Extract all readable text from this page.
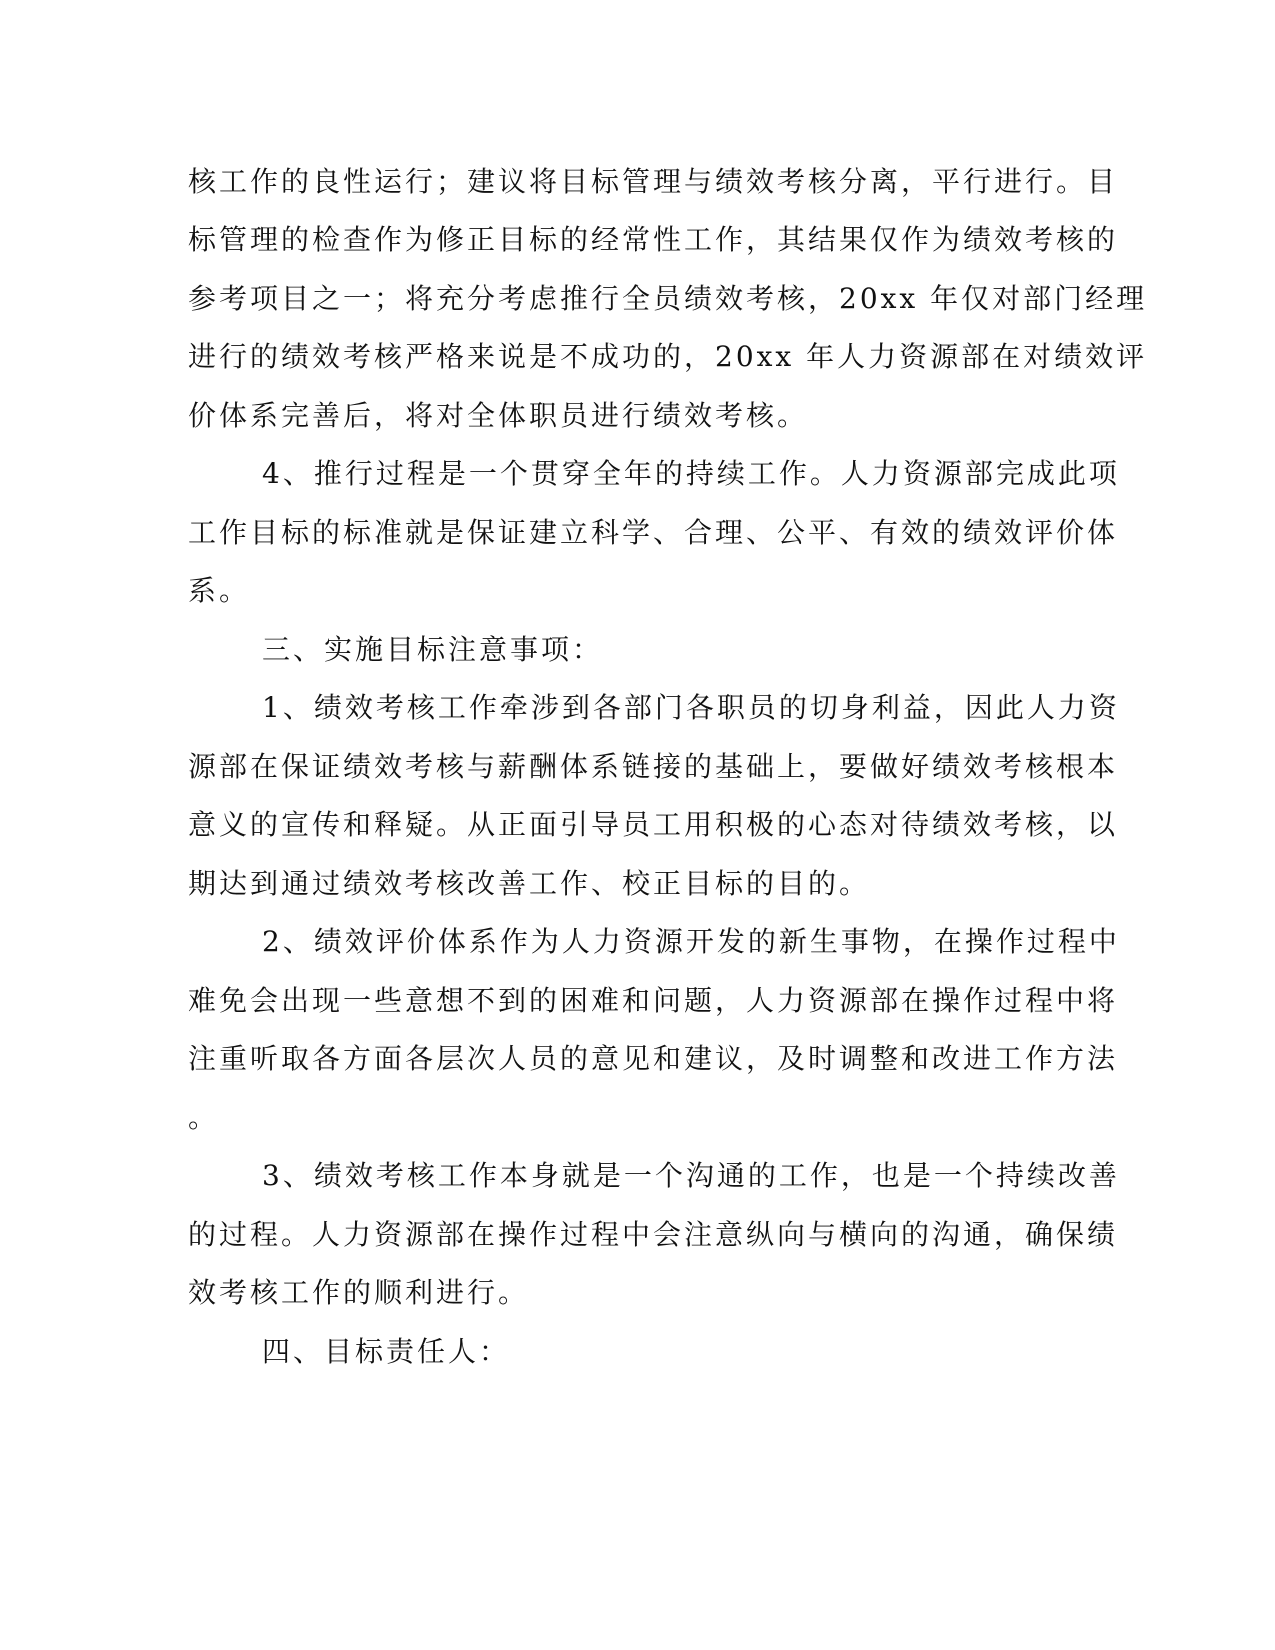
核工作的良性运行；建议将目标管理与绩效考核分离，平行进行。目
标管理的检查作为修正目标的经常性工作，其结果仅作为绩效考核的
参考项目之一；将充分考虑推行全员绩效考核，20xx 年仅对部门经理
进行的绩效考核严格来说是不成功的，20xx 年人力资源部在对绩效评
价体系完善后，将对全体职员进行绩效考核。
4、推行过程是一个贯穿全年的持续工作。人力资源部完成此项
工作目标的标准就是保证建立科学、合理、公平、有效的绩效评价体
系。
三、实施目标注意事项：
1、绩效考核工作牵涉到各部门各职员的切身利益，因此人力资
源部在保证绩效考核与薪酬体系链接的基础上，要做好绩效考核根本
意义的宣传和释疑。从正面引导员工用积极的心态对待绩效考核，以
期达到通过绩效考核改善工作、校正目标的目的。
2、绩效评价体系作为人力资源开发的新生事物，在操作过程中
难免会出现一些意想不到的困难和问题，人力资源部在操作过程中将
注重听取各方面各层次人员的意见和建议，及时调整和改进工作方法
。
3、绩效考核工作本身就是一个沟通的工作，也是一个持续改善
的过程。人力资源部在操作过程中会注意纵向与横向的沟通，确保绩
效考核工作的顺利进行。
四、目标责任人：
